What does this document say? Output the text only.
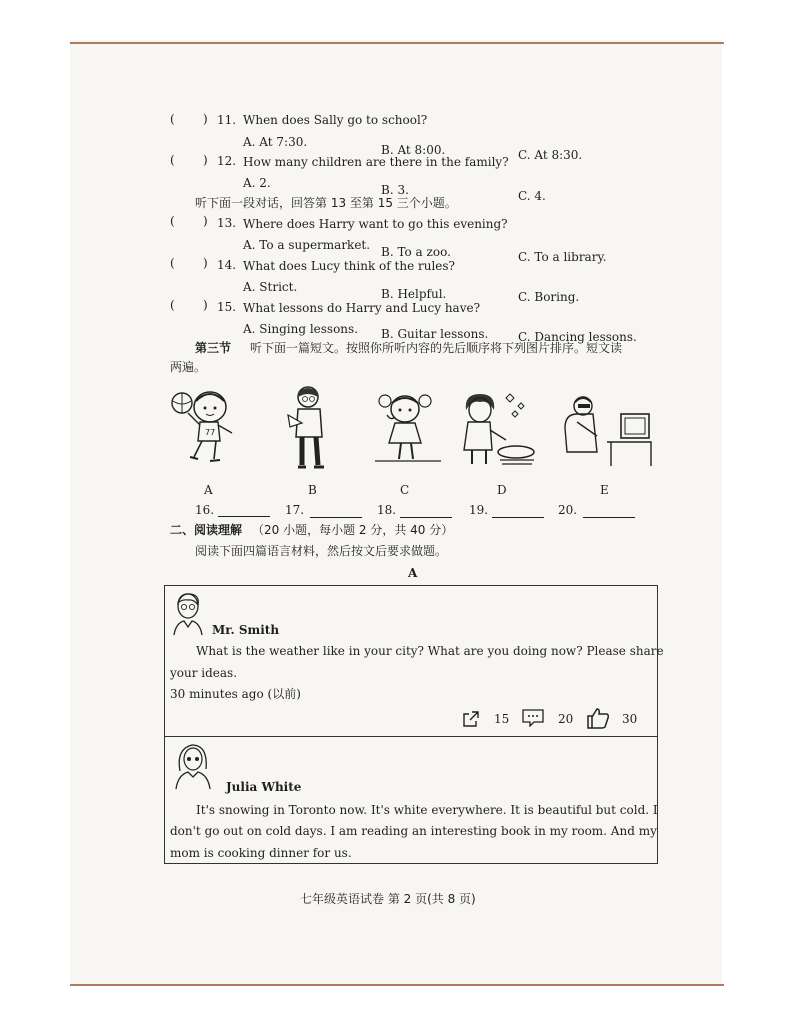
( ) 11. When does Sally go to school?
A. At 7:30.
B. At 8:00.	C. At 8:30.
( ) 12. How many children are there in the family?
A. 2.	B. 3.	C. 4.
听下面一段对话，回答第 13 至第 15 三个小题。
( ) 13. Where does Harry want to go this evening?
A. To a supermarket. B. To a zoo.	C. To a library.
( ) 14. What does Lucy think of the rules?
A. Strict.	B. Helpful.	C. Boring.
( ) 15. What lessons do Harry and Lucy have?
A. Singing lessons. B. Guitar lessons. C. Dancing lessons.
第三节 听下面一篇短文。按照你所听内容的先后顺序将下列图片排序。短文读
两遍。
77
A	B	C	D	E
16.	17.	18.	19.	20.
二、阅读理解 （20 小题，每小题 2 分，共 40 分）
阅读下面四篇语言材料，然后按文后要求做题。
A
Mr. Smith
What is the weather like in your city? What are you doing now? Please share
your ideas.
30 minutes ago (以前)
15	20	30
Julia White
It's snowing in Toronto now. It's white everywhere. It is beautiful but cold. I
don't go out on cold days. I am reading an interesting book in my room. And my
mom is cooking dinner for us.
七年级英语试卷 第 2 页(共 8 页)
